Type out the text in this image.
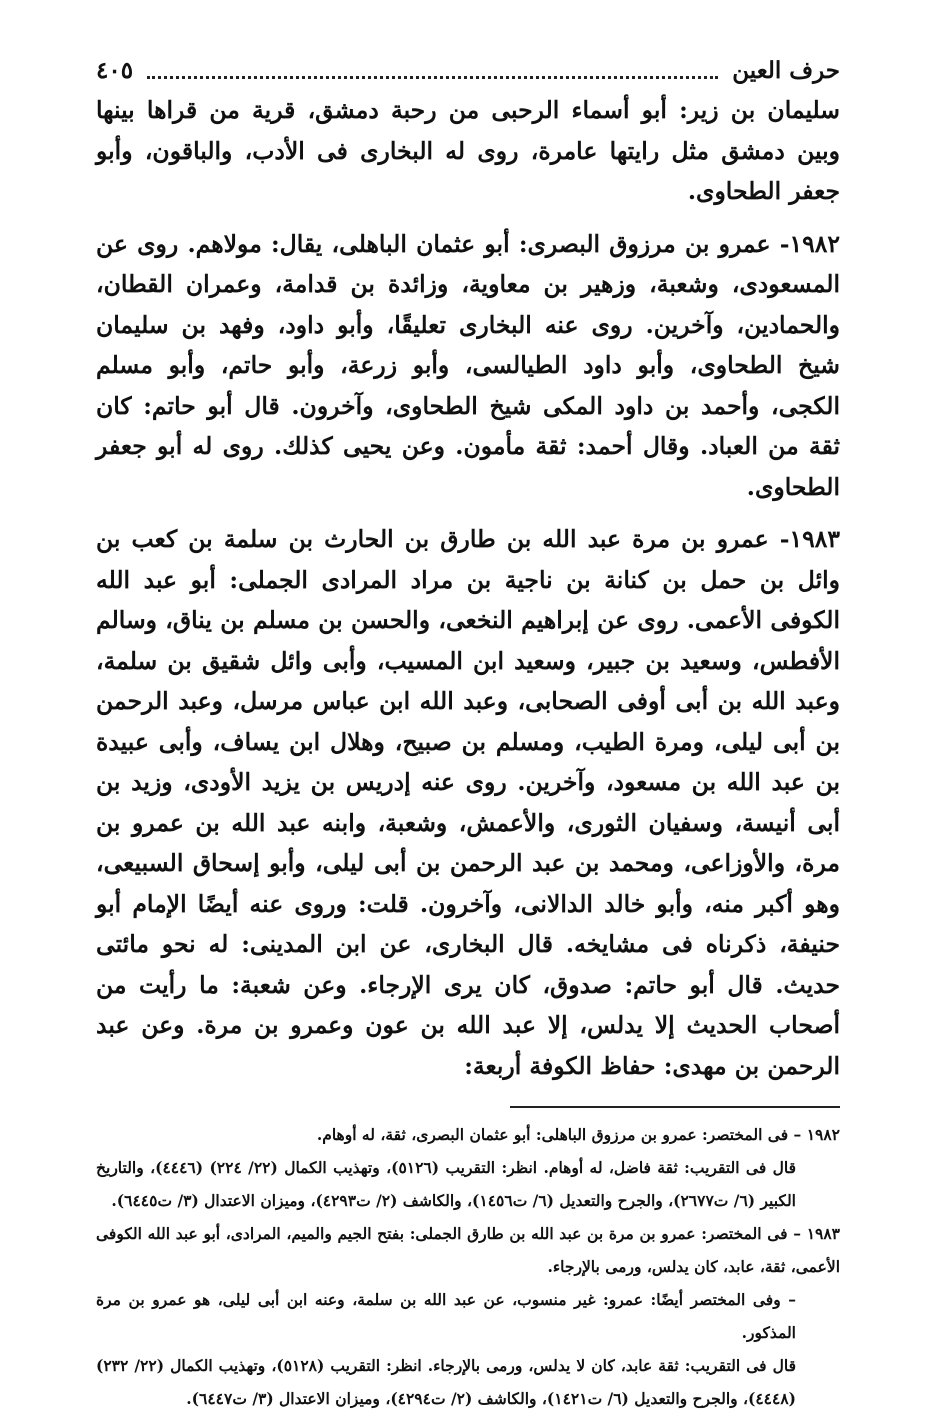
حرف العين
٤٠٥

سليمان بن زير: أبو أسماء الرحبى من رحبة دمشق، قرية من قراها بينها وبين دمشق مثل رايتها عامرة، روى له البخارى فى الأدب، والباقون، وأبو جعفر الطحاوى.

١٩٨٢- عمرو بن مرزوق البصرى: أبو عثمان الباهلى، يقال: مولاهم. روى عن المسعودى، وشعبة، وزهير بن معاوية، وزائدة بن قدامة، وعمران القطان، والحمادين، وآخرين. روى عنه البخارى تعليقًا، وأبو داود، وفهد بن سليمان شيخ الطحاوى، وأبو داود الطيالسى، وأبو زرعة، وأبو حاتم، وأبو مسلم الكجى، وأحمد بن داود المكى شيخ الطحاوى، وآخرون. قال أبو حاتم: كان ثقة من العباد. وقال أحمد: ثقة مأمون. وعن يحيى كذلك. روى له أبو جعفر الطحاوى.

١٩٨٣- عمرو بن مرة عبد الله بن طارق بن الحارث بن سلمة بن كعب بن وائل بن حمل بن كنانة بن ناجية بن مراد المرادى الجملى: أبو عبد الله الكوفى الأعمى. روى عن إبراهيم النخعى، والحسن بن مسلم بن يناق، وسالم الأفطس، وسعيد بن جبير، وسعيد ابن المسيب، وأبى وائل شقيق بن سلمة، وعبد الله بن أبى أوفى الصحابى، وعبد الله ابن عباس مرسل، وعبد الرحمن بن أبى ليلى، ومرة الطيب، ومسلم بن صبيح، وهلال ابن يساف، وأبى عبيدة بن عبد الله بن مسعود، وآخرين. روى عنه إدريس بن يزيد الأودى، وزيد بن أبى أنيسة، وسفيان الثورى، والأعمش، وشعبة، وابنه عبد الله بن عمرو بن مرة، والأوزاعى، ومحمد بن عبد الرحمن بن أبى ليلى، وأبو إسحاق السبيعى، وهو أكبر منه، وأبو خالد الدالانى، وآخرون. قلت: وروى عنه أيضًا الإمام أبو حنيفة، ذكرناه فى مشايخه. قال البخارى، عن ابن المدينى: له نحو مائتى حديث. قال أبو حاتم: صدوق، كان يرى الإرجاء. وعن شعبة: ما رأيت من أصحاب الحديث إلا يدلس، إلا عبد الله بن عون وعمرو بن مرة. وعن عبد الرحمن بن مهدى: حفاظ الكوفة أربعة:

١٩٨٢ – فى المختصر: عمرو بن مرزوق الباهلى: أبو عثمان البصرى، ثقة، له أوهام.

قال فى التقريب: ثقة فاضل، له أوهام. انظر: التقريب (٥١٢٦)، وتهذيب الكمال (٢٢/ ٢٢٤) (٤٤٤٦)، والتاريخ الكبير (٦/ ت٢٦٧٧)، والجرح والتعديل (٦/ ت١٤٥٦)، والكاشف (٢/ ت٤٢٩٣)، وميزان الاعتدال (٣/ ت٦٤٤٥).

١٩٨٣ – فى المختصر: عمرو بن مرة بن عبد الله بن طارق الجملى: بفتح الجيم والميم، المرادى، أبو عبد الله الكوفى الأعمى، ثقة، عابد، كان يدلس، ورمى بالإرجاء.

– وفى المختصر أيضًا: عمرو: غير منسوب، عن عبد الله بن سلمة، وعنه ابن أبى ليلى، هو عمرو بن مرة المذكور.

قال فى التقريب: ثقة عابد، كان لا يدلس، ورمى بالإرجاء. انظر: التقريب (٥١٢٨)، وتهذيب الكمال (٢٢/ ٢٣٢) (٤٤٤٨)، والجرح والتعديل (٦/ ت١٤٢١)، والكاشف (٢/ ت٤٢٩٤)، وميزان الاعتدال (٣/ ت٦٤٤٧).
